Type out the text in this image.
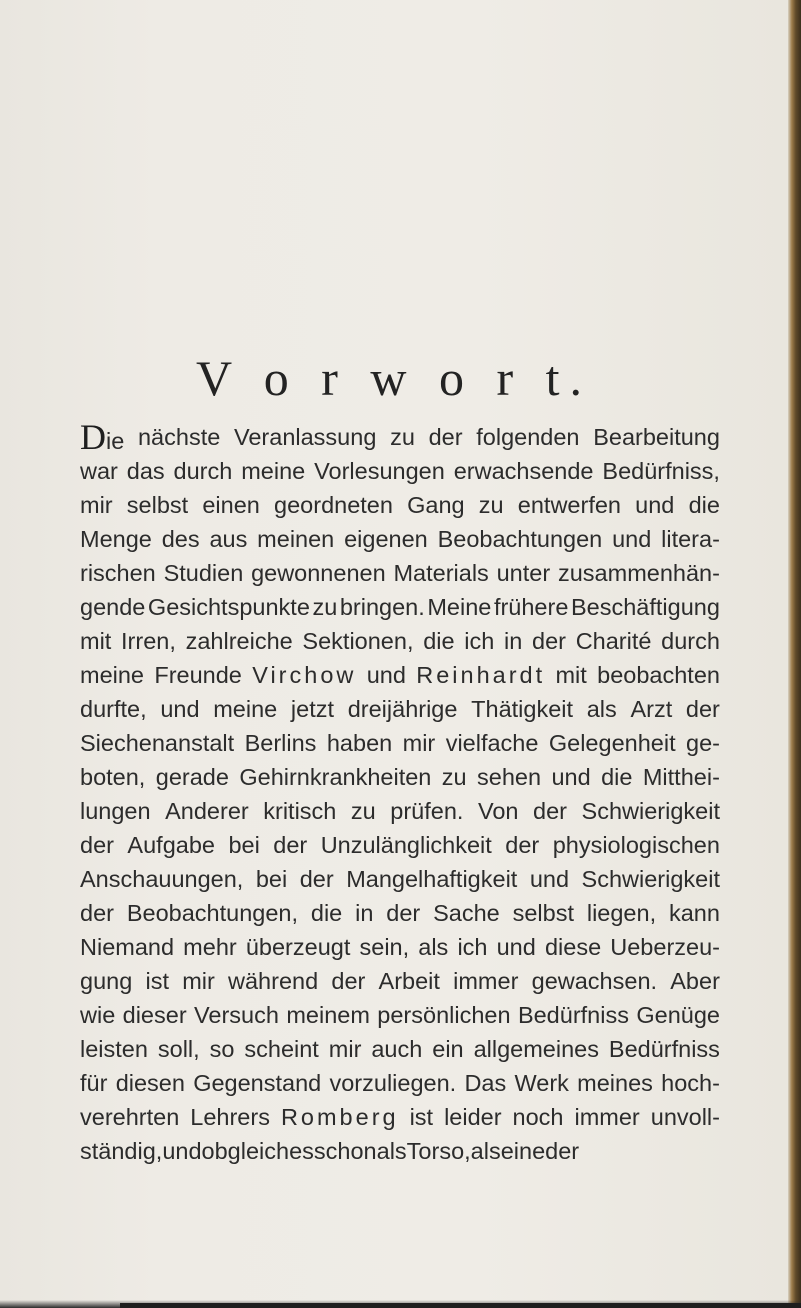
V o r w o r t.
Die nächste Veranlassung zu der folgenden Bearbeitung
war das durch meine Vorlesungen erwachsende Bedürfniss,
mir selbst einen geordneten Gang zu entwerfen und die
Menge des aus meinen eigenen Beobachtungen und litera-
rischen Studien gewonnenen Materials unter zusammenhän-
gende Gesichtspunkte zu bringen. Meine frühere Beschäftigung
mit Irren, zahlreiche Sektionen, die ich in der Charité durch
meine Freunde Virchow und Reinhardt mit beobachten
durfte, und meine jetzt dreijährige Thätigkeit als Arzt der
Siechenanstalt Berlins haben mir vielfache Gelegenheit ge-
boten, gerade Gehirnkrankheiten zu sehen und die Mitthei-
lungen Anderer kritisch zu prüfen. Von der Schwierigkeit
der Aufgabe bei der Unzulänglichkeit der physiologischen
Anschauungen, bei der Mangelhaftigkeit und Schwierigkeit
der Beobachtungen, die in der Sache selbst liegen, kann
Niemand mehr überzeugt sein, als ich und diese Ueberzeu-
gung ist mir während der Arbeit immer gewachsen. Aber
wie dieser Versuch meinem persönlichen Bedürfniss Genüge
leisten soll, so scheint mir auch ein allgemeines Bedürfniss
für diesen Gegenstand vorzuliegen. Das Werk meines hoch-
verehrten Lehrers Romberg ist leider noch immer unvoll-
ständig, und obgleich es schon als Torso, als eine der
